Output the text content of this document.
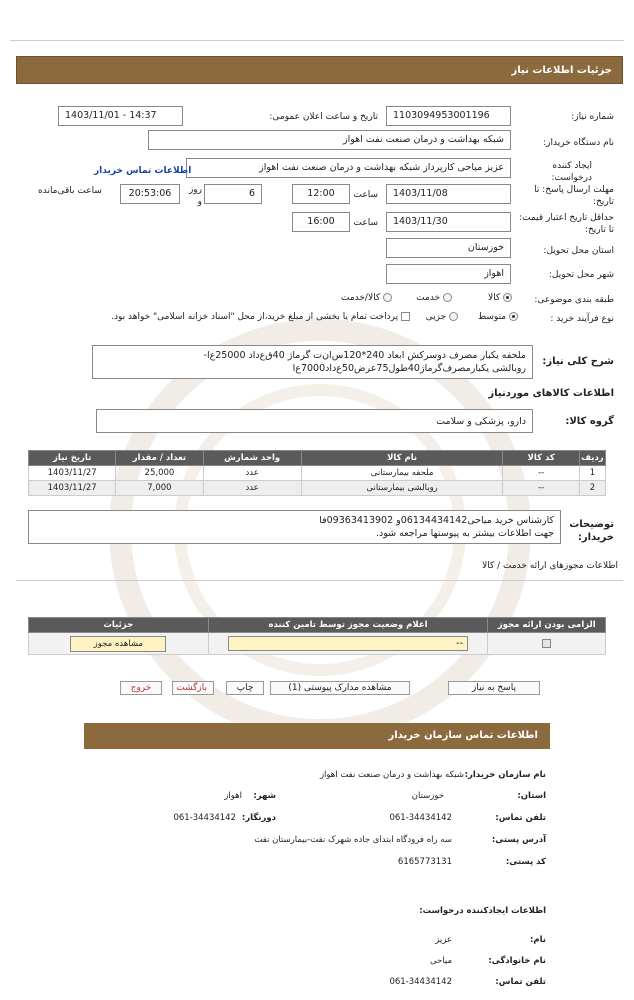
جزئیات اطلاعات نیاز
شماره نیاز:
1103094953001196
تاریخ و ساعت اعلان عمومی:
1403/11/01 - 14:37
نام دستگاه خریدار:
شبکه بهداشت و درمان صنعت نفت اهواز
ایجاد کننده درخواست:
عزیز میاحی کارپرداز شبکه بهداشت و درمان صنعت نفت اهواز
اطلاعات تماس خریدار
مهلت ارسال پاسخ: تا تاریخ:
1403/11/08
ساعت
12:00
6
روز و
20:53:06
ساعت باقی‌مانده
حداقل تاریخ اعتبار قیمت: تا تاریخ:
1403/11/30
ساعت
16:00
استان محل تحویل:
خوزستان
شهر محل تحویل:
اهواز
طبقه بندی موضوعی:
کالا
خدمت
کالا/خدمت
نوع فرآیند خرید :
متوسط
جزیی
پرداخت تمام یا بخشی از مبلغ خرید،از محل "اسناد خزانه اسلامی" خواهد بود.
شرح کلی نیاز:
ملحفه یکبار مصرف دوسرکش ابعاد 240*120س‌ان‌ت گرماژ 40ق‌ع‌داد 25000ع‌ا-
روبالشی یکبارمصرف‌گرماژ40طول75عرض50ع‌داد7000ع‌ا
اطلاعات کالاهای موردنیاز
گروه کالا:
دارو، پزشکی و سلامت
ردیف	کد کالا	نام کالا	واحد شمارش	تعداد / مقدار	تاریخ نیاز
1	--	ملحفه بیمارستانی	عدد	25,000	1403/11/27
2	--	روبالشی بیمارستانی	عدد	7,000	1403/11/27
توضیحات خریدار:
کارشناس خرید میاحی06134434142و 09363413902فا
جهت اطلاعات بیشتر به پیوستها مراجعه شود.
اطلاعات مجوزهای ارائه خدمت / کالا
الزامی بودن ارائه مجوز	اعلام وضعیت مجوز توسط تامین کننده	جزئیات

	--	مشاهده مجوز
پاسخ به نیاز
مشاهده مدارک پیوستی (1)
چاپ
بازگشت
خروج
اطلاعات تماس سازمان خریدار
نام سازمان خریدار:
شبکه بهداشت و درمان صنعت نفت اهواز
استان:
خوزستان
شهر:
اهواز
تلفن تماس:
061-34434142
دورنگار:
061-34434142
آدرس پستی:
سه راه فرودگاه ابتدای جاده شهرک نفت-بیمارستان نفت
کد پستی:
6165773131
اطلاعات ایجادکننده درخواست:
نام:
عزیز
نام خانوادگی:
میاحی
تلفن تماس:
061-34434142
